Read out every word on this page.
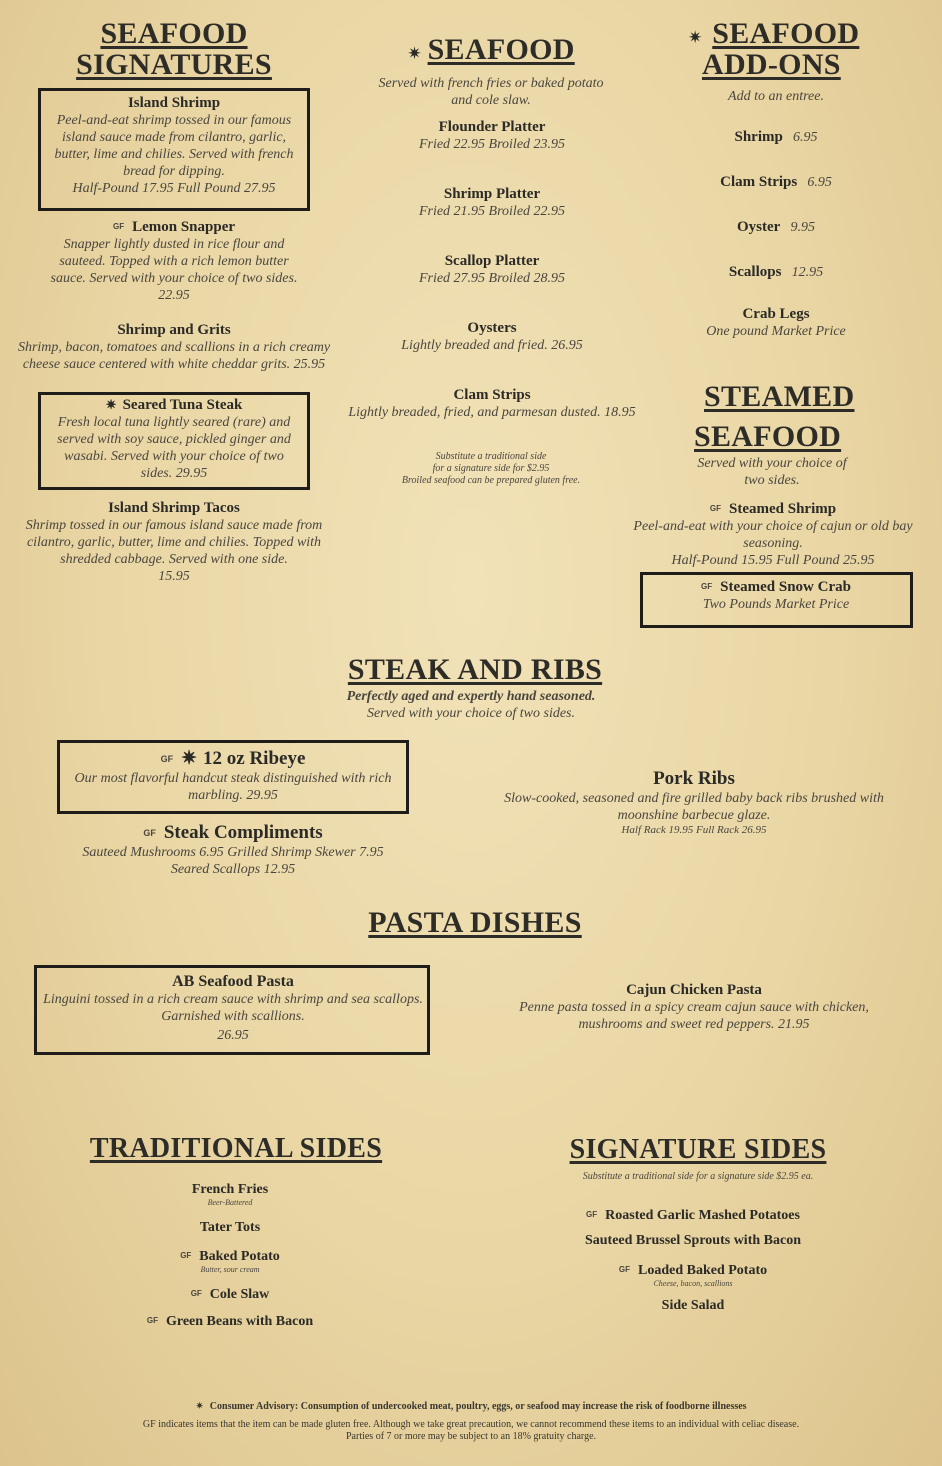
SEAFOOD
SIGNATURES
Island Shrimp
Peel-and-eat shrimp tossed in our famous island sauce made from cilantro, garlic, butter, lime and chilies. Served with french bread for dipping.
Half-Pound 17.95 Full Pound 27.95
GF Lemon Snapper
Snapper lightly dusted in rice flour and sauteed. Topped with a rich lemon butter sauce. Served with your choice of two sides.
22.95
Shrimp and Grits
Shrimp, bacon, tomatoes and scallions in a rich creamy cheese sauce centered with white cheddar grits. 25.95
✷ Seared Tuna Steak
Fresh local tuna lightly seared (rare) and served with soy sauce, pickled ginger and wasabi. Served with your choice of two sides. 29.95
Island Shrimp Tacos
Shrimp tossed in our famous island sauce made from cilantro, garlic, butter, lime and chilies. Topped with shredded cabbage. Served with one side.
15.95
✷ SEAFOOD
Served with french fries or baked potato and cole slaw.
Flounder Platter
Fried 22.95 Broiled 23.95
Shrimp Platter
Fried 21.95 Broiled 22.95
Scallop Platter
Fried 27.95 Broiled 28.95
Oysters
Lightly breaded and fried. 26.95
Clam Strips
Lightly breaded, fried, and parmesan dusted. 18.95
Substitute a traditional side
for a signature side for $2.95
Broiled seafood can be prepared gluten free.
✷ SEAFOOD
ADD-ONS
Add to an entree.
Shrimp 6.95
Clam Strips 6.95
Oyster 9.95
Scallops 12.95
Crab Legs
One pound Market Price
STEAMED
SEAFOOD
Served with your choice of two sides.
GF Steamed Shrimp
Peel-and-eat with your choice of cajun or old bay seasoning.
Half-Pound 15.95 Full Pound 25.95
GF Steamed Snow Crab
Two Pounds Market Price
STEAK AND RIBS
Perfectly aged and expertly hand seasoned.
Served with your choice of two sides.
GF ✷ 12 oz Ribeye
Our most flavorful handcut steak distinguished with rich marbling. 29.95
GF Steak Compliments
Sauteed Mushrooms 6.95 Grilled Shrimp Skewer 7.95
Seared Scallops 12.95
Pork Ribs
Slow-cooked, seasoned and fire grilled baby back ribs brushed with moonshine barbecue glaze.
Half Rack 19.95 Full Rack 26.95
PASTA DISHES
AB Seafood Pasta
Linguini tossed in a rich cream sauce with shrimp and sea scallops. Garnished with scallions.
26.95
Cajun Chicken Pasta
Penne pasta tossed in a spicy cream cajun sauce with chicken, mushrooms and sweet red peppers. 21.95
TRADITIONAL SIDES
French Fries
Beer-Battered
Tater Tots
GF Baked Potato
Butter, sour cream
GF Cole Slaw
GF Green Beans with Bacon
SIGNATURE SIDES
Substitute a traditional side for a signature side $2.95 ea.
GF Roasted Garlic Mashed Potatoes
Sauteed Brussel Sprouts with Bacon
GF Loaded Baked Potato
Cheese, bacon, scallions
Side Salad
✷ Consumer Advisory: Consumption of undercooked meat, poultry, eggs, or seafood may increase the risk of foodborne illnesses
GF indicates items that the item can be made gluten free. Although we take great precaution, we cannot recommend these items to an individual with celiac disease.
Parties of 7 or more may be subject to an 18% gratuity charge.
